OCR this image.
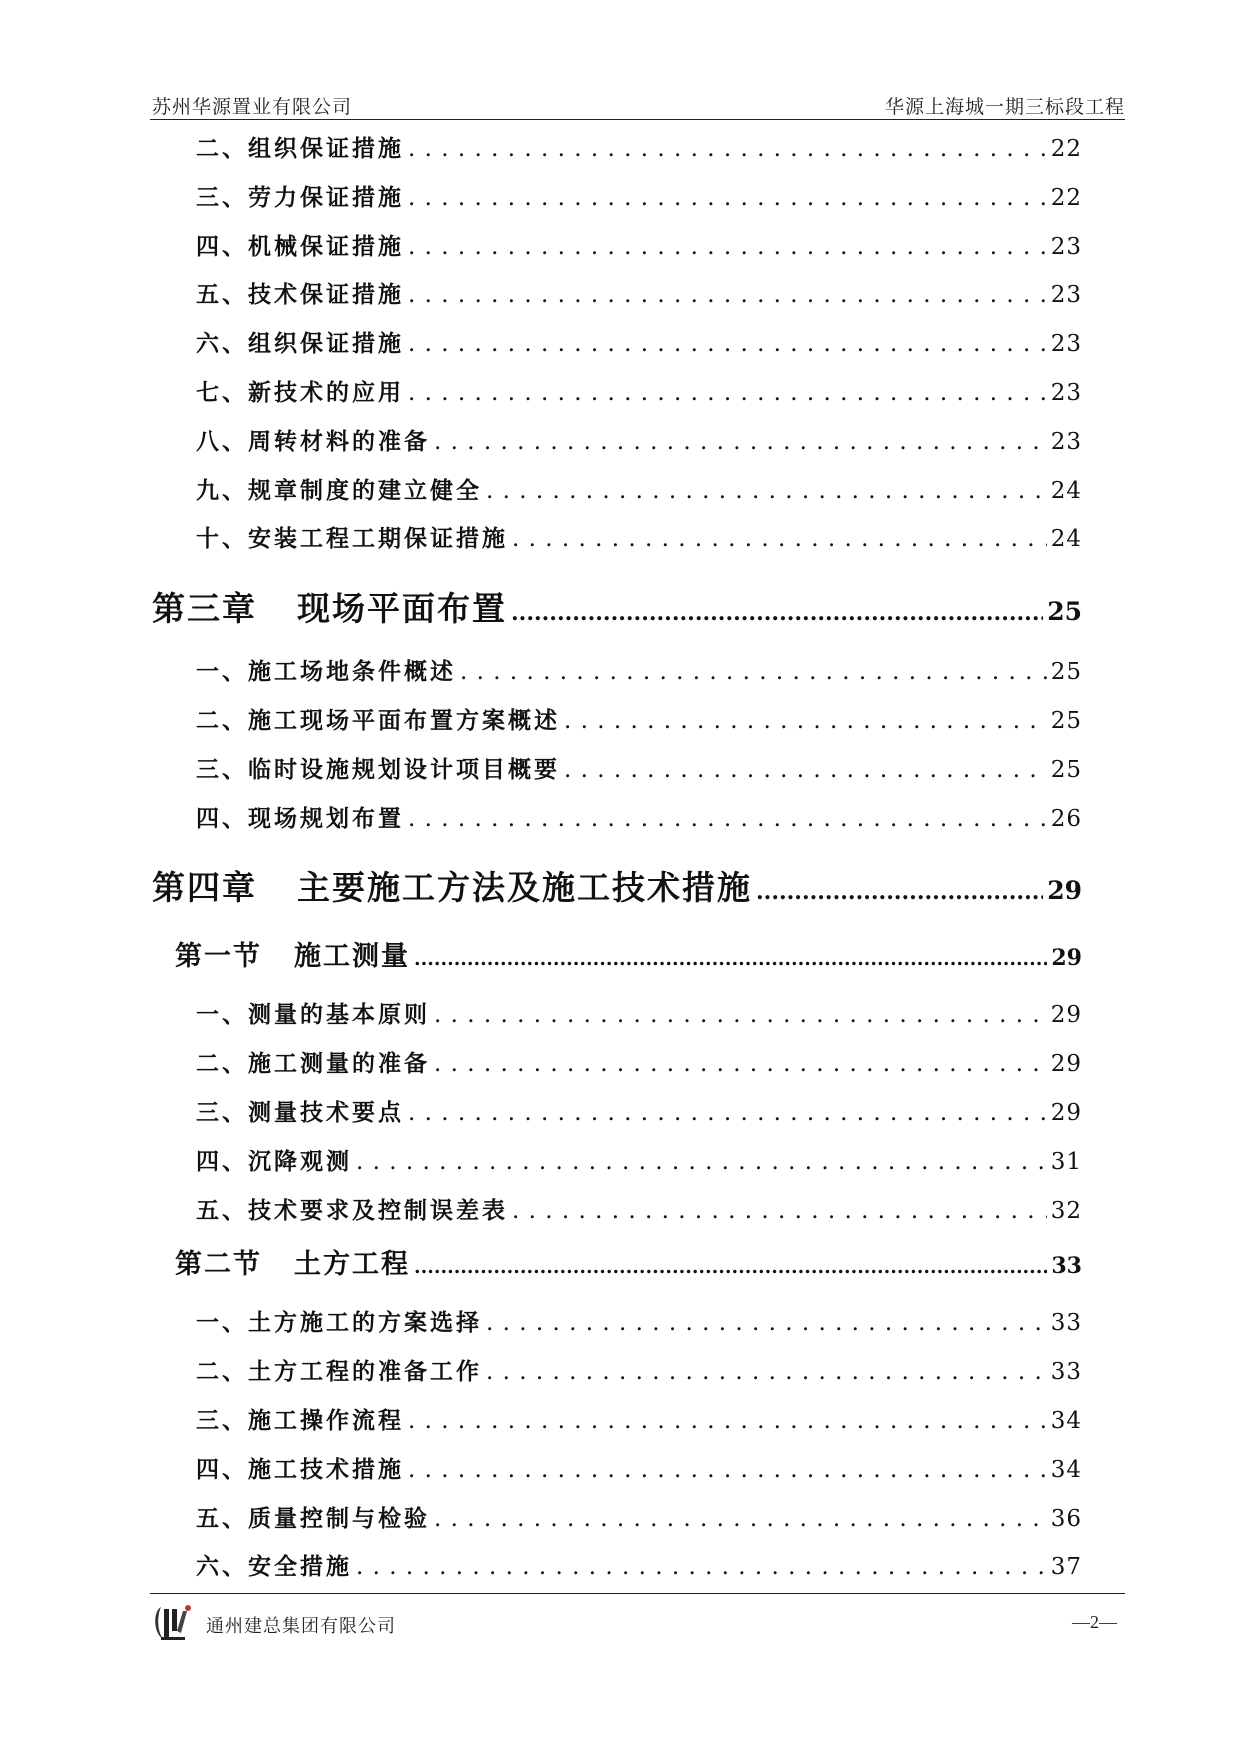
苏州华源置业有限公司	华源上海城一期三标段工程
二、组织保证措施 . . .	22
三、劳力保证措施 . . .	22
四、机械保证措施 . . .	23
五、技术保证措施 . . .	23
六、组织保证措施 . . .	23
七、新技术的应用 . . .	23
八、周转材料的准备 . . .	23
九、规章制度的建立健全 . . .	24
十、安装工程工期保证措施 . . .	24
第三章 现场平面布置 .....	25
一、施工场地条件概述 . . .	25
二、施工现场平面布置方案概述 . . .	25
三、临时设施规划设计项目概要 . . .	25
四、现场规划布置 . . .	26
第四章 主要施工方法及施工技术措施 .....	29
第一节 施工测量 .....	29
一、测量的基本原则 . . .	29
二、施工测量的准备 . . .	29
三、测量技术要点 . . .	29
四、沉降观测 . . .	31
五、技术要求及控制误差表 . . .	32
第二节 土方工程 .....	33
一、土方施工的方案选择 . . .	33
二、土方工程的准备工作 . . .	33
三、施工操作流程 . . .	34
四、施工技术措施 . . .	34
五、质量控制与检验 . . .	36
六、安全措施 . . .	37
通州建总集团有限公司	—2—
